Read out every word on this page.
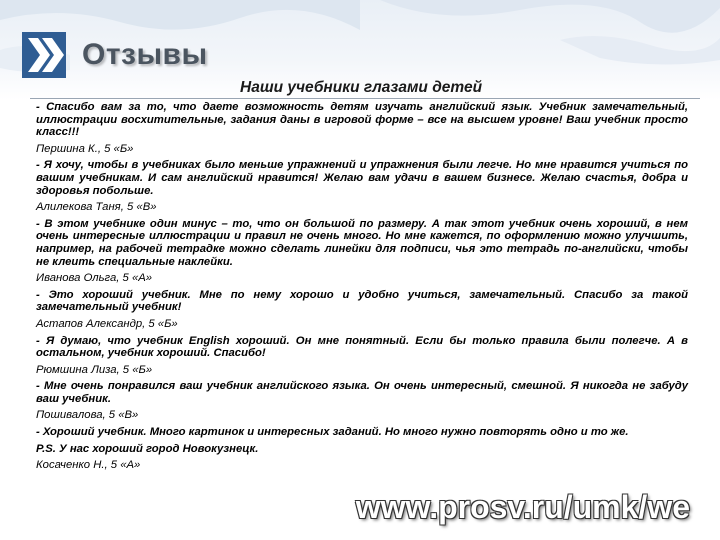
Отзывы
Наши учебники глазами детей

- Спасибо вам за то, что даете возможность детям изучать английский язык. Учебник замечательный, иллюстрации восхитительные, задания даны в игровой форме – все на высшем уровне! Ваш учебник просто класс!!!

Першина К., 5 «Б»

- Я хочу, чтобы в учебниках было меньше упражнений и упражнения были легче. Но мне нравится учиться по вашим учебникам. И сам английский нравится! Желаю вам удачи в вашем бизнесе. Желаю счастья, добра и здоровья побольше.

Алилекова Таня, 5 «В»

- В этом учебнике один минус – то, что он большой по размеру. А так этот учебник очень хороший, в нем очень интересные иллюстрации и правил не очень много. Но мне кажется, по оформлению можно улучшить, например, на рабочей тетрадке можно сделать линейки для подписи, чья это тетрадь по-английски, чтобы не клеить специальные наклейки.

Иванова Ольга, 5 «А»

- Это хороший учебник. Мне по нему хорошо и удобно учиться, замечательный. Спасибо за такой замечательный учебник!

Астапов Александр, 5 «Б»

- Я думаю, что учебник English хороший. Он мне понятный. Если бы только правила были полегче. А в остальном, учебник хороший. Спасибо!

Рюмшина Лиза, 5 «Б»

- Мне очень понравился ваш учебник английского языка. Он очень интересный, смешной. Я никогда не забуду ваш учебник.

Пошивалова, 5 «В»

- Хороший учебник. Много картинок и интересных заданий. Но много нужно повторять одно и то же.

P.S. У нас хороший город Новокузнецк.

Косаченко Н., 5 «А»

www.prosv.ru/umk/we
